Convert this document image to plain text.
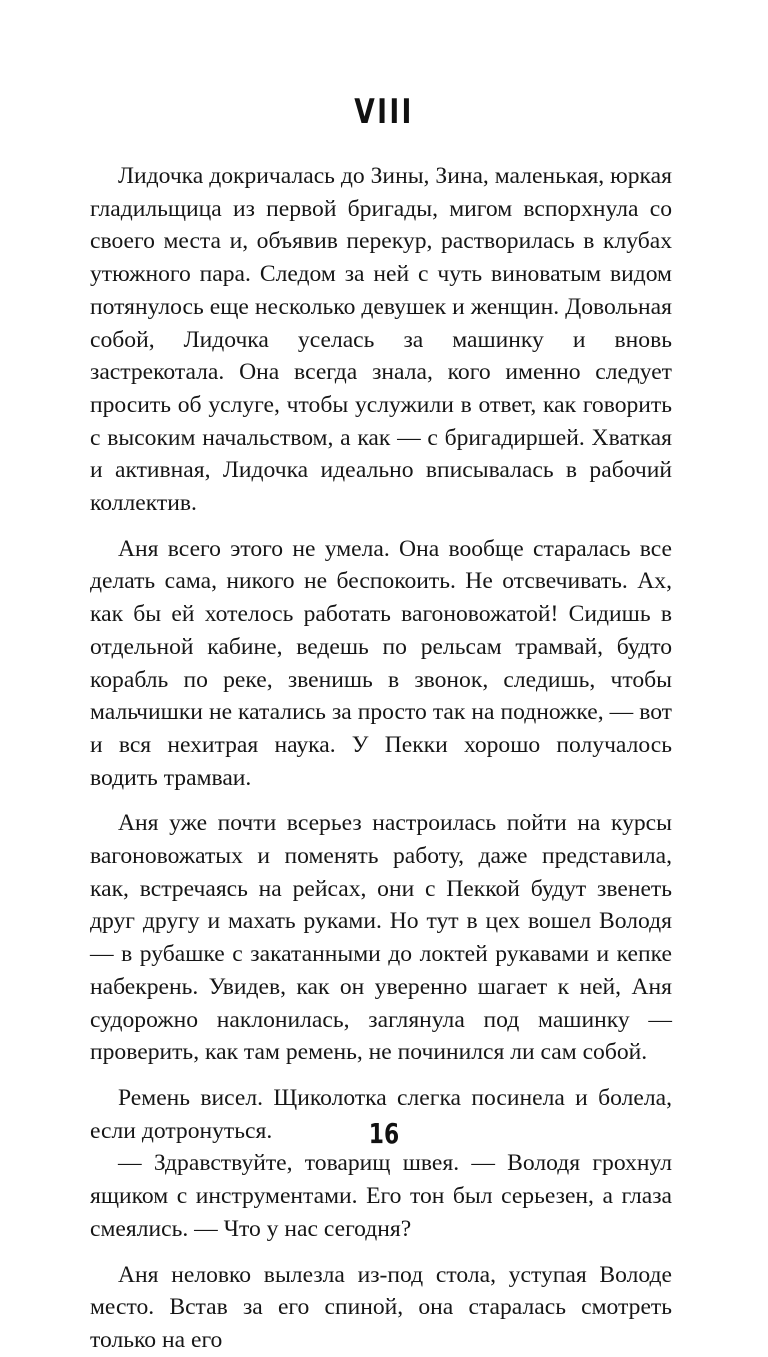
VIII

Лидочка докричалась до Зины, Зина, маленькая, юркая гладильщица из первой бригады, мигом вспорхнула со своего места и, объявив перекур, растворилась в клубах утюжного пара. Следом за ней с чуть виноватым видом потянулось еще несколько девушек и женщин. Довольная собой, Лидочка уселась за машинку и вновь застрекотала. Она всегда знала, кого именно следует просить об услуге, чтобы услужили в ответ, как говорить с высоким начальством, а как — с бригадиршей. Хваткая и активная, Лидочка идеально вписывалась в рабочий коллектив.

Аня всего этого не умела. Она вообще старалась все делать сама, никого не беспокоить. Не отсвечивать. Ах, как бы ей хотелось работать вагоновожатой! Сидишь в отдельной кабине, ведешь по рельсам трамвай, будто корабль по реке, звенишь в звонок, следишь, чтобы мальчишки не катались за просто так на подножке, — вот и вся нехитрая наука. У Пекки хорошо получалось водить трамваи.

Аня уже почти всерьез настроилась пойти на курсы вагоновожатых и поменять работу, даже представила, как, встречаясь на рейсах, они с Пеккой будут звенеть друг другу и махать руками. Но тут в цех вошел Володя — в рубашке с закатанными до локтей рукавами и кепке набекрень. Увидев, как он уверенно шагает к ней, Аня судорожно наклонилась, заглянула под машинку — проверить, как там ремень, не починился ли сам собой.

Ремень висел. Щиколотка слегка посинела и болела, если дотронуться.

— Здравствуйте, товарищ швея. — Володя грохнул ящиком с инструментами. Его тон был серьезен, а глаза смеялись. — Что у нас сегодня?

Аня неловко вылезла из-под стола, уступая Володе место. Встав за его спиной, она старалась смотреть только на его

16
